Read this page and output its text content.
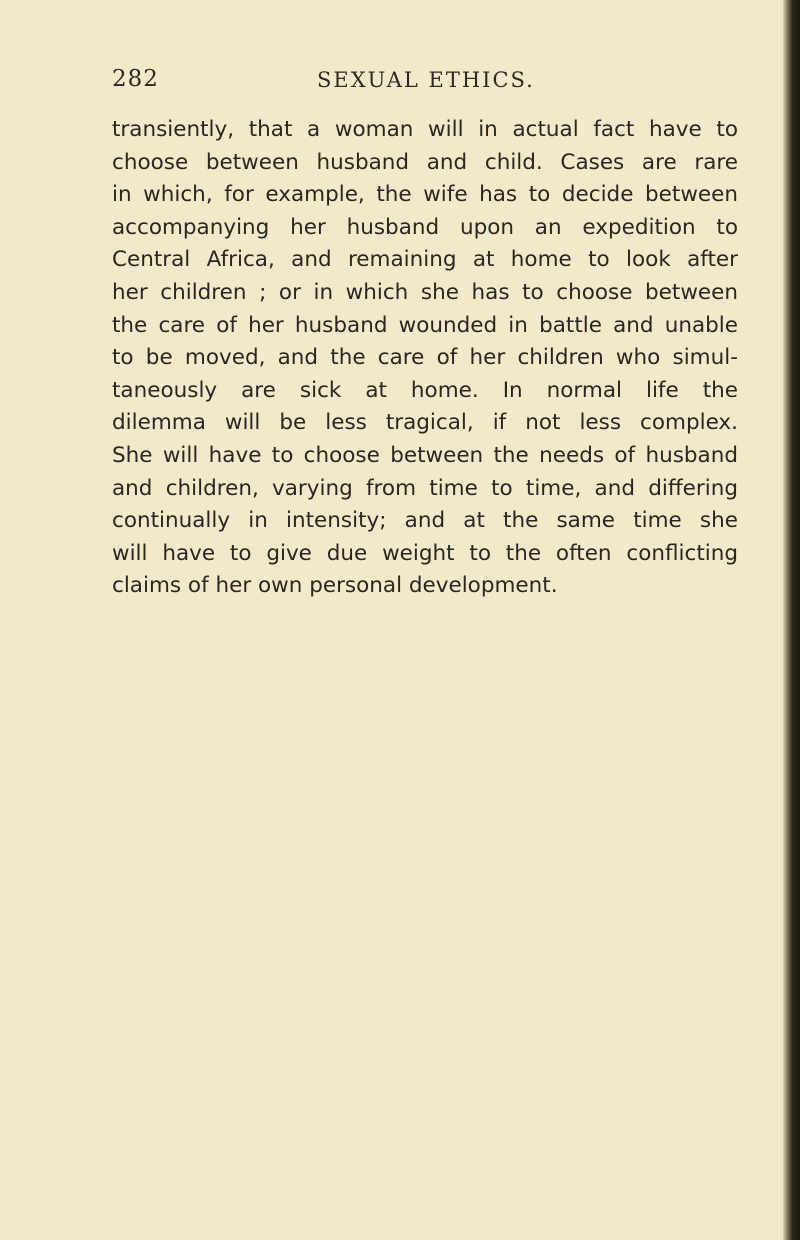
282	SEXUAL ETHICS.
transiently, that a woman will in actual fact have to
choose between husband and child. Cases are rare
in which, for example, the wife has to decide between
accompanying her husband upon an expedition to
Central Africa, and remaining at home to look after
her children ; or in which she has to choose between
the care of her husband wounded in battle and unable
to be moved, and the care of her children who simul-
taneously are sick at home. In normal life the
dilemma will be less tragical, if not less complex.
She will have to choose between the needs of husband
and children, varying from time to time, and differing
continually in intensity; and at the same time she
will have to give due weight to the often conflicting
claims of her own personal development.
